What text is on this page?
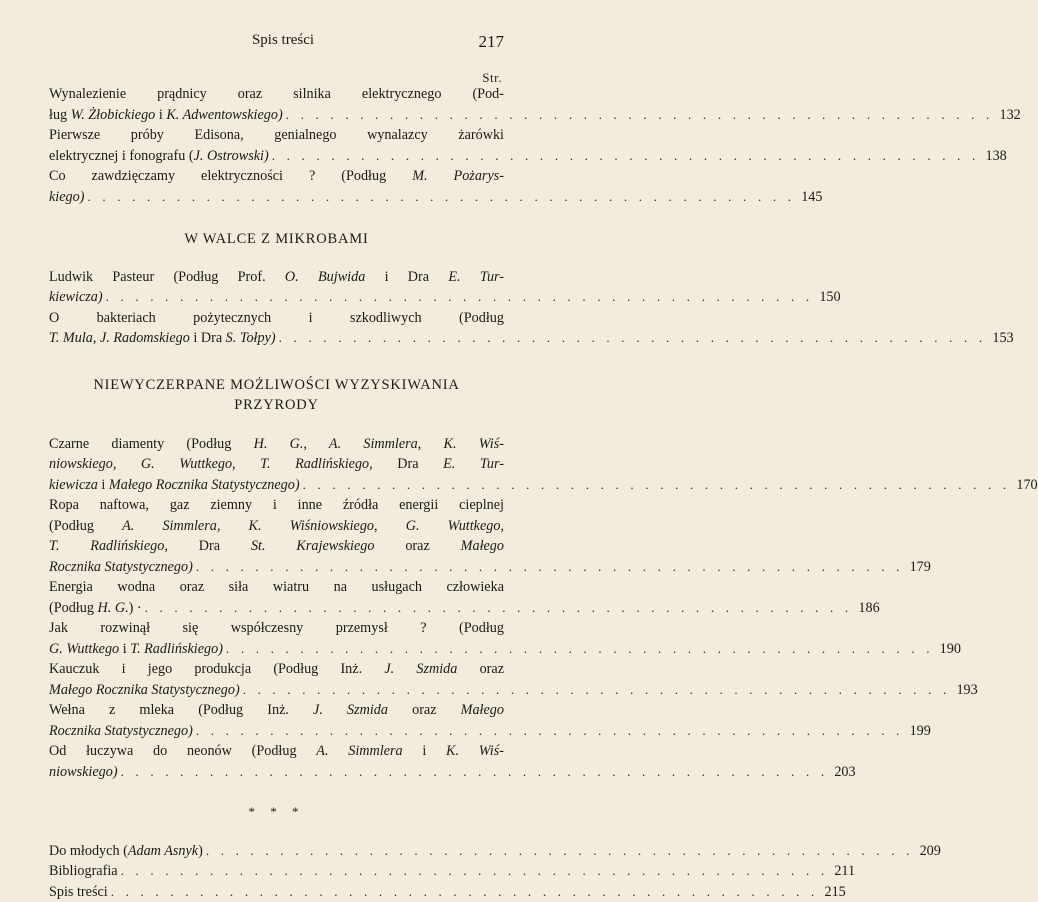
Spis treści	217
Str.
Wynalezienie prądnicy oraz silnika elektrycznego (Pod-
ług W. Żłobickiego i K. Adwentowskiego) . . . . . . . . . . . . . . . . . . . . . . . . . . . . . . . . . . . . . . . . . . . . . . . . 132
Pierwsze próby Edisona, genialnego wynalazcy żarówki
elektrycznej i fonografu (J. Ostrowski) . . . . . . . . . . . . . . . . . . . . . . . . . . . . . . . . . . . . . . . . . . . . . . . . 138
Co zawdzięczamy elektryczności ? (Podług M. Pożarys-
kiego) . . . . . . . . . . . . . . . . . . . . . . . . . . . . . . . . . . . . . . . . . . . . . . . . 145
W WALCE Z MIKROBAMI
Ludwik Pasteur (Podług Prof. O. Bujwida i Dra E. Tur-
kiewicza) . . . . . . . . . . . . . . . . . . . . . . . . . . . . . . . . . . . . . . . . . . . . . . . . 150
O bakteriach pożytecznych i szkodliwych (Podług
T. Mula, J. Radomskiego i Dra S. Tołpy) . . . . . . . . . . . . . . . . . . . . . . . . . . . . . . . . . . . . . . . . . . . . . . . . 153
NIEWYCZERPANE MOŻLIWOŚCI WYZYSKIWANIA
PRZYRODY
Czarne diamenty (Podług H. G., A. Simmlera, K. Wiś-
niowskiego, G. Wuttkego, T. Radlińskiego, Dra E. Tur-
kiewicza i Małego Rocznika Statystycznego) . . . . . . . . . . . . . . . . . . . . . . . . . . . . . . . . . . . . . . . . . . . . . . . . 170
Ropa naftowa, gaz ziemny i inne źródła energii cieplnej
(Podług A. Simmlera, K. Wiśniowskiego, G. Wuttkego,
T. Radlińskiego, Dra St. Krajewskiego oraz Małego
Rocznika Statystycznego) . . . . . . . . . . . . . . . . . . . . . . . . . . . . . . . . . . . . . . . . . . . . . . . . 179
Energia wodna oraz siła wiatru na usługach człowieka
(Podług H. G.) · . . . . . . . . . . . . . . . . . . . . . . . . . . . . . . . . . . . . . . . . . . . . . . . . 186
Jak rozwinął się współczesny przemysł ? (Podług
G. Wuttkego i T. Radlińskiego) . . . . . . . . . . . . . . . . . . . . . . . . . . . . . . . . . . . . . . . . . . . . . . . . 190
Kauczuk i jego produkcja (Podług Inż. J. Szmida oraz
Małego Rocznika Statystycznego) . . . . . . . . . . . . . . . . . . . . . . . . . . . . . . . . . . . . . . . . . . . . . . . . 193
Wełna z mleka (Podług Inż. J. Szmida oraz Małego
Rocznika Statystycznego) . . . . . . . . . . . . . . . . . . . . . . . . . . . . . . . . . . . . . . . . . . . . . . . . 199
Od łuczywa do neonów (Podług A. Simmlera i K. Wiś-
niowskiego) . . . . . . . . . . . . . . . . . . . . . . . . . . . . . . . . . . . . . . . . . . . . . . . . 203
* * *
Do młodych (Adam Asnyk) . . . . . . . . . . . . . . . . . . . . . . . . . . . . . . . . . . . . . . . . . . . . . . . . 209
Bibliografia . . . . . . . . . . . . . . . . . . . . . . . . . . . . . . . . . . . . . . . . . . . . . . . . 211
Spis treści . . . . . . . . . . . . . . . . . . . . . . . . . . . . . . . . . . . . . . . . . . . . . . . . 215
